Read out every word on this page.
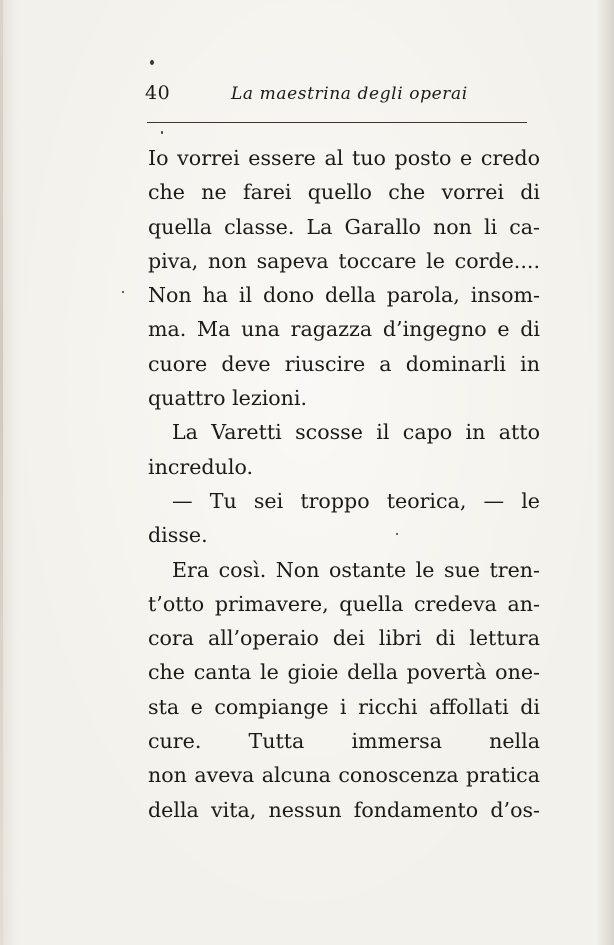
40	La maestrina degli operai
Io vorrei essere al tuo posto e credo
che ne farei quello che vorrei di
quella classe. La Garallo non li ca-
piva, non sapeva toccare le corde....
Non ha il dono della parola, insom-
ma. Ma una ragazza d’ingegno e di
cuore deve riuscire a dominarli in
quattro lezioni.
La Varetti scosse il capo in atto
incredulo.
— Tu sei troppo teorica, — le
disse.
Era così. Non ostante le sue tren-
t’otto primavere, quella credeva an-
cora all’operaio dei libri di lettura
che canta le gioie della povertà one-
sta e compiange i ricchi affollati di
cure. Tutta immersa nella
non aveva alcuna conoscenza pratica
della vita, nessun fondamento d’os-
